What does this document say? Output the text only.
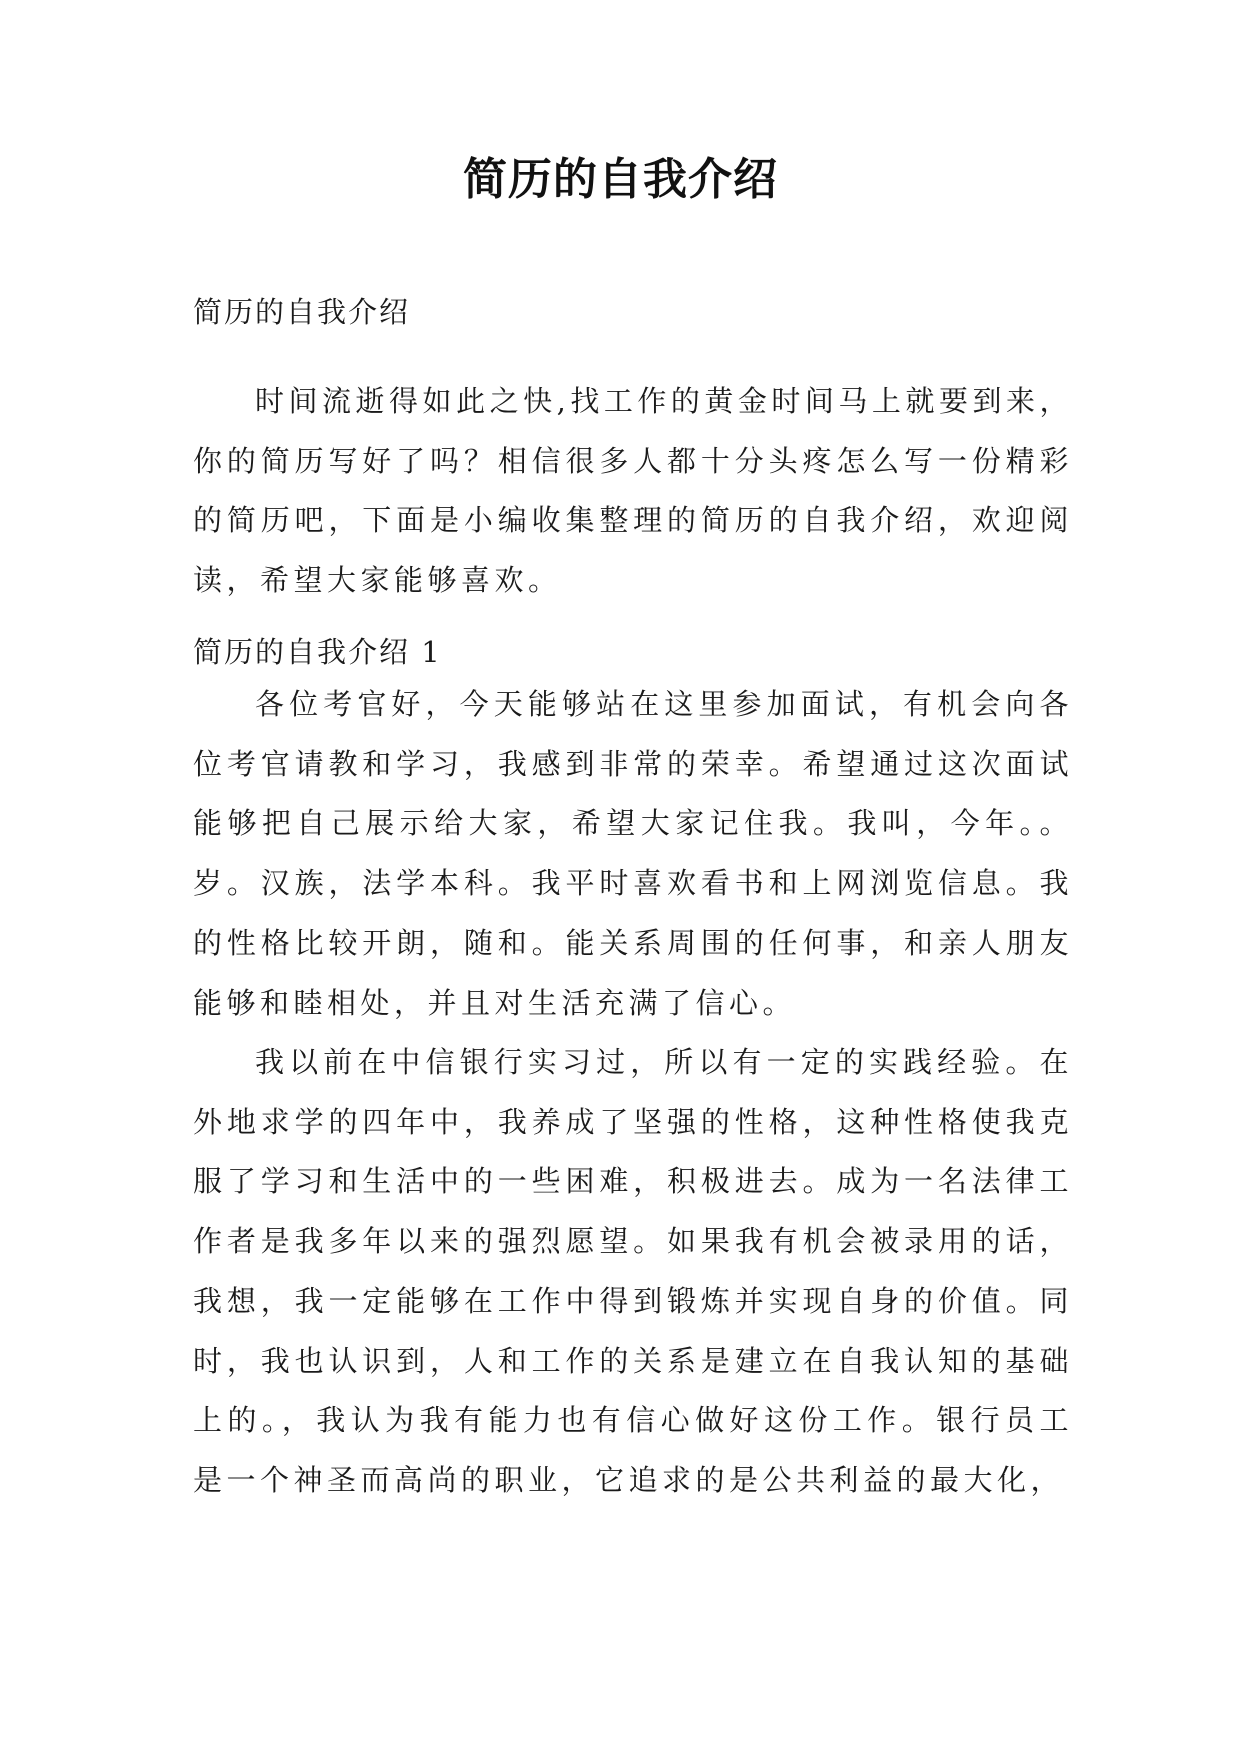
简历的自我介绍
简历的自我介绍

时间流逝得如此之快,找工作的黄金时间马上就要到来，你的简历写好了吗？相信很多人都十分头疼怎么写一份精彩的简历吧，下面是小编收集整理的简历的自我介绍，欢迎阅读，希望大家能够喜欢。

简历的自我介绍 1

各位考官好，今天能够站在这里参加面试，有机会向各位考官请教和学习，我感到非常的荣幸。希望通过这次面试能够把自己展示给大家，希望大家记住我。我叫，今年。。岁。汉族，法学本科。我平时喜欢看书和上网浏览信息。我的性格比较开朗，随和。能关系周围的任何事，和亲人朋友能够和睦相处，并且对生活充满了信心。

我以前在中信银行实习过，所以有一定的实践经验。在外地求学的四年中，我养成了坚强的性格，这种性格使我克服了学习和生活中的一些困难，积极进去。成为一名法律工作者是我多年以来的强烈愿望。如果我有机会被录用的话，我想，我一定能够在工作中得到锻炼并实现自身的价值。同时，我也认识到，人和工作的关系是建立在自我认知的基础上的。，我认为我有能力也有信心做好这份工作。银行员工是一个神圣而高尚的职业，它追求的是公共利益的最大化，
